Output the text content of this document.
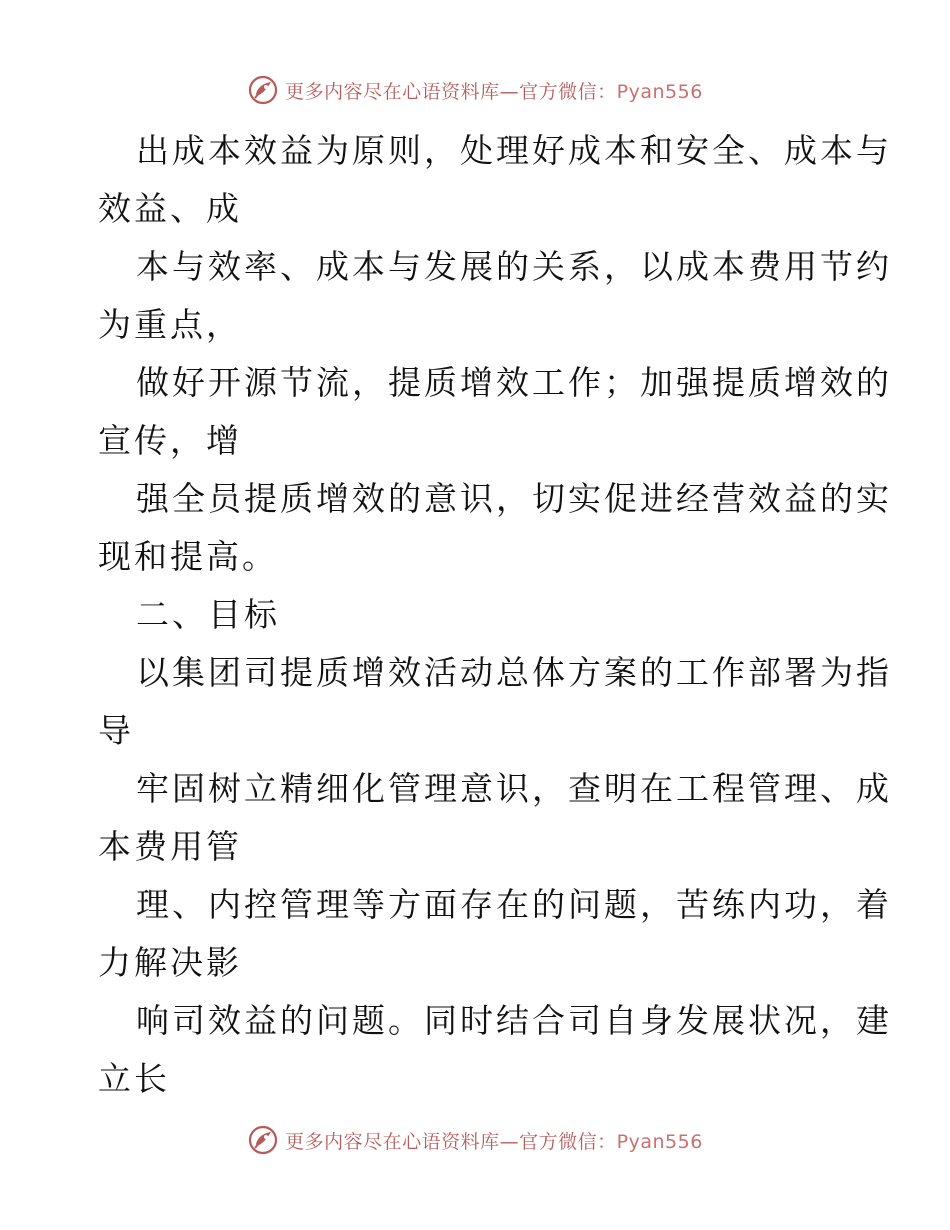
更多内容尽在心语资料库—官方微信：Pyan556
出成本效益为原则，处理好成本和安全、成本与
效益、成
本与效率、成本与发展的关系，以成本费用节约
为重点，
做好开源节流，提质增效工作；加强提质增效的
宣传，增
强全员提质增效的意识，切实促进经营效益的实
现和提高。
二、目标
以集团司提质增效活动总体方案的工作部署为指
导
牢固树立精细化管理意识，查明在工程管理、成
本费用管
理、内控管理等方面存在的问题，苦练内功，着
力解决影
响司效益的问题。同时结合司自身发展状况，建
立长
更多内容尽在心语资料库—官方微信：Pyan556
